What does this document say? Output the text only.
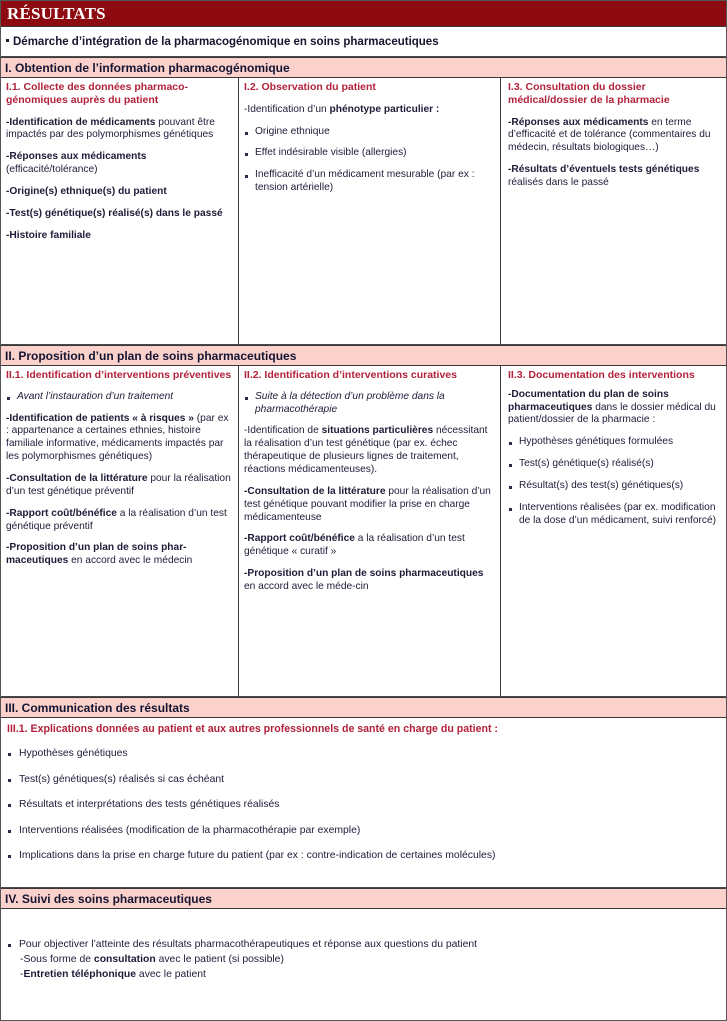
RÉSULTATS
Démarche d’intégration de la pharmacogénomique en soins pharmaceutiques
I. Obtention de l’information pharmacogénomique
I.1. Collecte des données pharmaco-génomiques auprès du patient
-Identification de médicaments pouvant être impactés par des polymorphismes génétiques
-Réponses aux médicaments (efficacité/tolérance)
-Origine(s) ethnique(s) du patient
-Test(s) génétique(s) réalisé(s) dans le passé
-Histoire familiale
I.2. Observation du patient
-Identification d’un phénotype particulier :
Origine ethnique
Effet indésirable visible (allergies)
Inefficacité d’un médicament mesurable (par ex : tension artérielle)
I.3. Consultation du dossier médical/dossier de la pharmacie
-Réponses aux médicaments en terme d’efficacité et de tolérance (commentaires du médecin, résultats biologiques…)
-Résultats d’éventuels tests génétiques réalisés dans le passé
II. Proposition d’un plan de soins pharmaceutiques
II.1. Identification d’interventions préventives
Avant l’instauration d’un traitement
-Identification de patients « à risques » (par ex : appartenance a certaines ethnies, histoire familiale informative, médicaments impactés par les polymorphismes génétiques)
-Consultation de la littérature pour la réalisation d’un test génétique préventif
-Rapport coût/bénéfice a la réalisation d’un test génétique préventif
-Proposition d’un plan de soins phar-maceutiques en accord avec le médecin
II.2. Identification d’interventions curatives
Suite à la détection d’un problème dans la pharmacothérapie
-Identification de situations particulières nécessitant la réalisation d’un test génétique (par ex. échec thérapeutique de plusieurs lignes de traitement, réactions médicamenteuses).
-Consultation de la littérature pour la réalisation d’un test génétique pouvant modifier la prise en charge médicamenteuse
-Rapport coût/bénéfice a la réalisation d’un test génétique « curatif »
-Proposition d’un plan de soins pharmaceutiques en accord avec le méde-cin
II.3. Documentation des interventions
-Documentation du plan de soins pharmaceutiques dans le dossier médical du patient/dossier de la pharmacie :
Hypothèses génétiques formulées
Test(s) génétique(s) réalisé(s)
Résultat(s) des test(s) génétiques(s)
Interventions réalisées (par ex. modification de la dose d’un médicament, suivi renforcé)
III. Communication des résultats
III.1. Explications données au patient et aux autres professionnels de santé en charge du patient :
Hypothèses génétiques
Test(s) génétiques(s) réalisés si cas échéant
Résultats et interprétations des tests génétiques réalisés
Interventions réalisées (modification de la pharmacothérapie par exemple)
Implications dans la prise en charge future du patient (par ex : contre-indication de certaines molécules)
IV. Suivi des soins pharmaceutiques
Pour objectiver l’atteinte des résultats pharmacothérapeutiques et réponse aux questions du patient
-Sous forme de consultation avec le patient (si possible)
-Entretien téléphonique avec le patient
